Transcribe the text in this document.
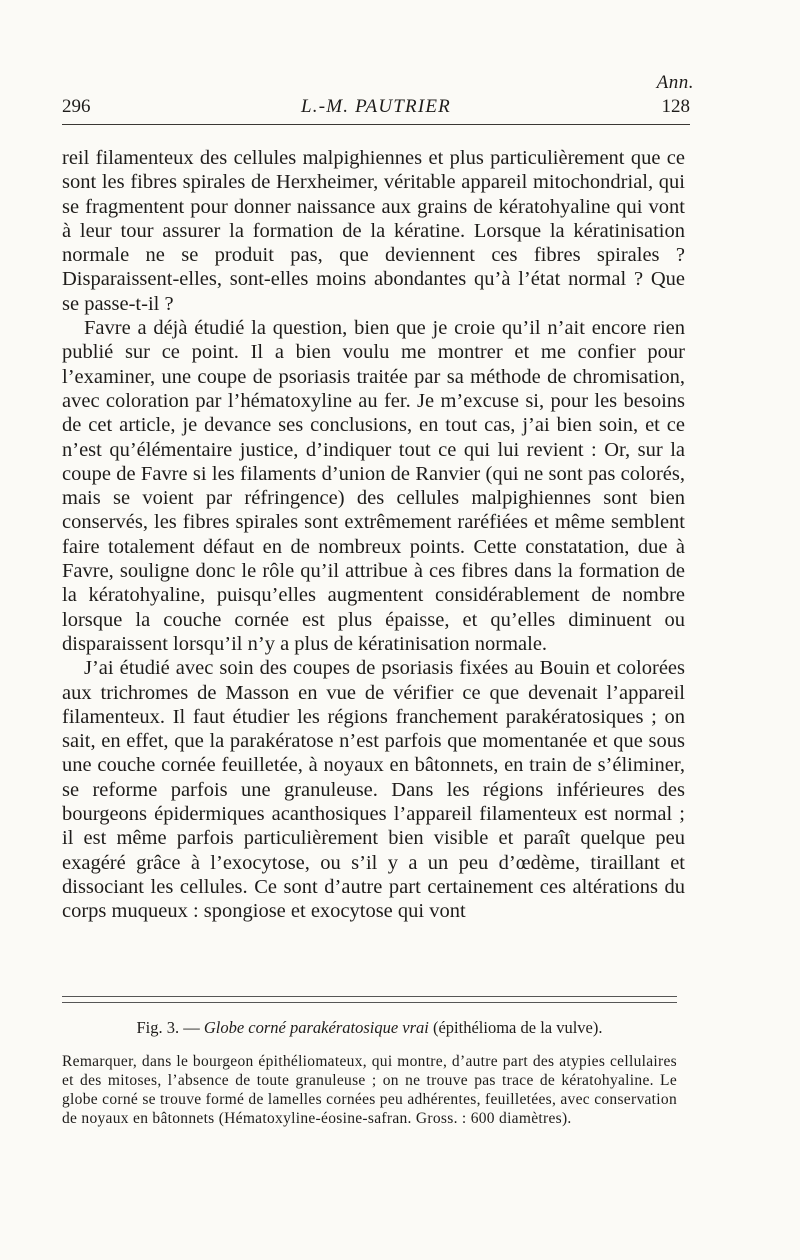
Ann.
296	L.-M. PAUTRIER	128

reil filamenteux des cellules malpighiennes et plus particulièrement que ce sont les fibres spirales de Herxheimer, véritable appareil mitochondrial, qui se fragmentent pour donner naissance aux grains de kératohyaline qui vont à leur tour assurer la formation de la kératine. Lorsque la kératinisation normale ne se produit pas, que deviennent ces fibres spirales ? Disparaissent-elles, sont-elles moins abondantes qu’à l’état normal ? Que se passe-t-il ?

Favre a déjà étudié la question, bien que je croie qu’il n’ait encore rien publié sur ce point. Il a bien voulu me montrer et me confier pour l’examiner, une coupe de psoriasis traitée par sa méthode de chromisation, avec coloration par l’hématoxyline au fer. Je m’excuse si, pour les besoins de cet article, je devance ses conclusions, en tout cas, j’ai bien soin, et ce n’est qu’élémentaire justice, d’indiquer tout ce qui lui revient : Or, sur la coupe de Favre si les filaments d’union de Ranvier (qui ne sont pas colorés, mais se voient par réfringence) des cellules malpighiennes sont bien conservés, les fibres spirales sont extrêmement raréfiées et même semblent faire totalement défaut en de nombreux points. Cette constatation, due à Favre, souligne donc le rôle qu’il attribue à ces fibres dans la formation de la kératohyaline, puisqu’elles augmentent considérablement de nombre lorsque la couche cornée est plus épaisse, et qu’elles diminuent ou disparaissent lorsqu’il n’y a plus de kératinisation normale.

J’ai étudié avec soin des coupes de psoriasis fixées au Bouin et colorées aux trichromes de Masson en vue de vérifier ce que devenait l’appareil filamenteux. Il faut étudier les régions franchement parakératosiques ; on sait, en effet, que la parakératose n’est parfois que momentanée et que sous une couche cornée feuilletée, à noyaux en bâtonnets, en train de s’éliminer, se reforme parfois une granuleuse. Dans les régions inférieures des bourgeons épidermiques acanthosiques l’appareil filamenteux est normal ; il est même parfois particulièrement bien visible et paraît quelque peu exagéré grâce à l’exocytose, ou s’il y a un peu d’œdème, tiraillant et dissociant les cellules. Ce sont d’autre part certainement ces altérations du corps muqueux : spongiose et exocytose qui vont

Fig. 3. — Globe corné parakératosique vrai (épithélioma de la vulve).
Remarquer, dans le bourgeon épithéliomateux, qui montre, d’autre part des atypies cellulaires et des mitoses, l’absence de toute granuleuse ; on ne trouve pas trace de kératohyaline. Le globe corné se trouve formé de lamelles cornées peu adhérentes, feuilletées, avec conservation de noyaux en bâtonnets (Hématoxyline-éosine-safran. Gross. : 600 diamètres).
